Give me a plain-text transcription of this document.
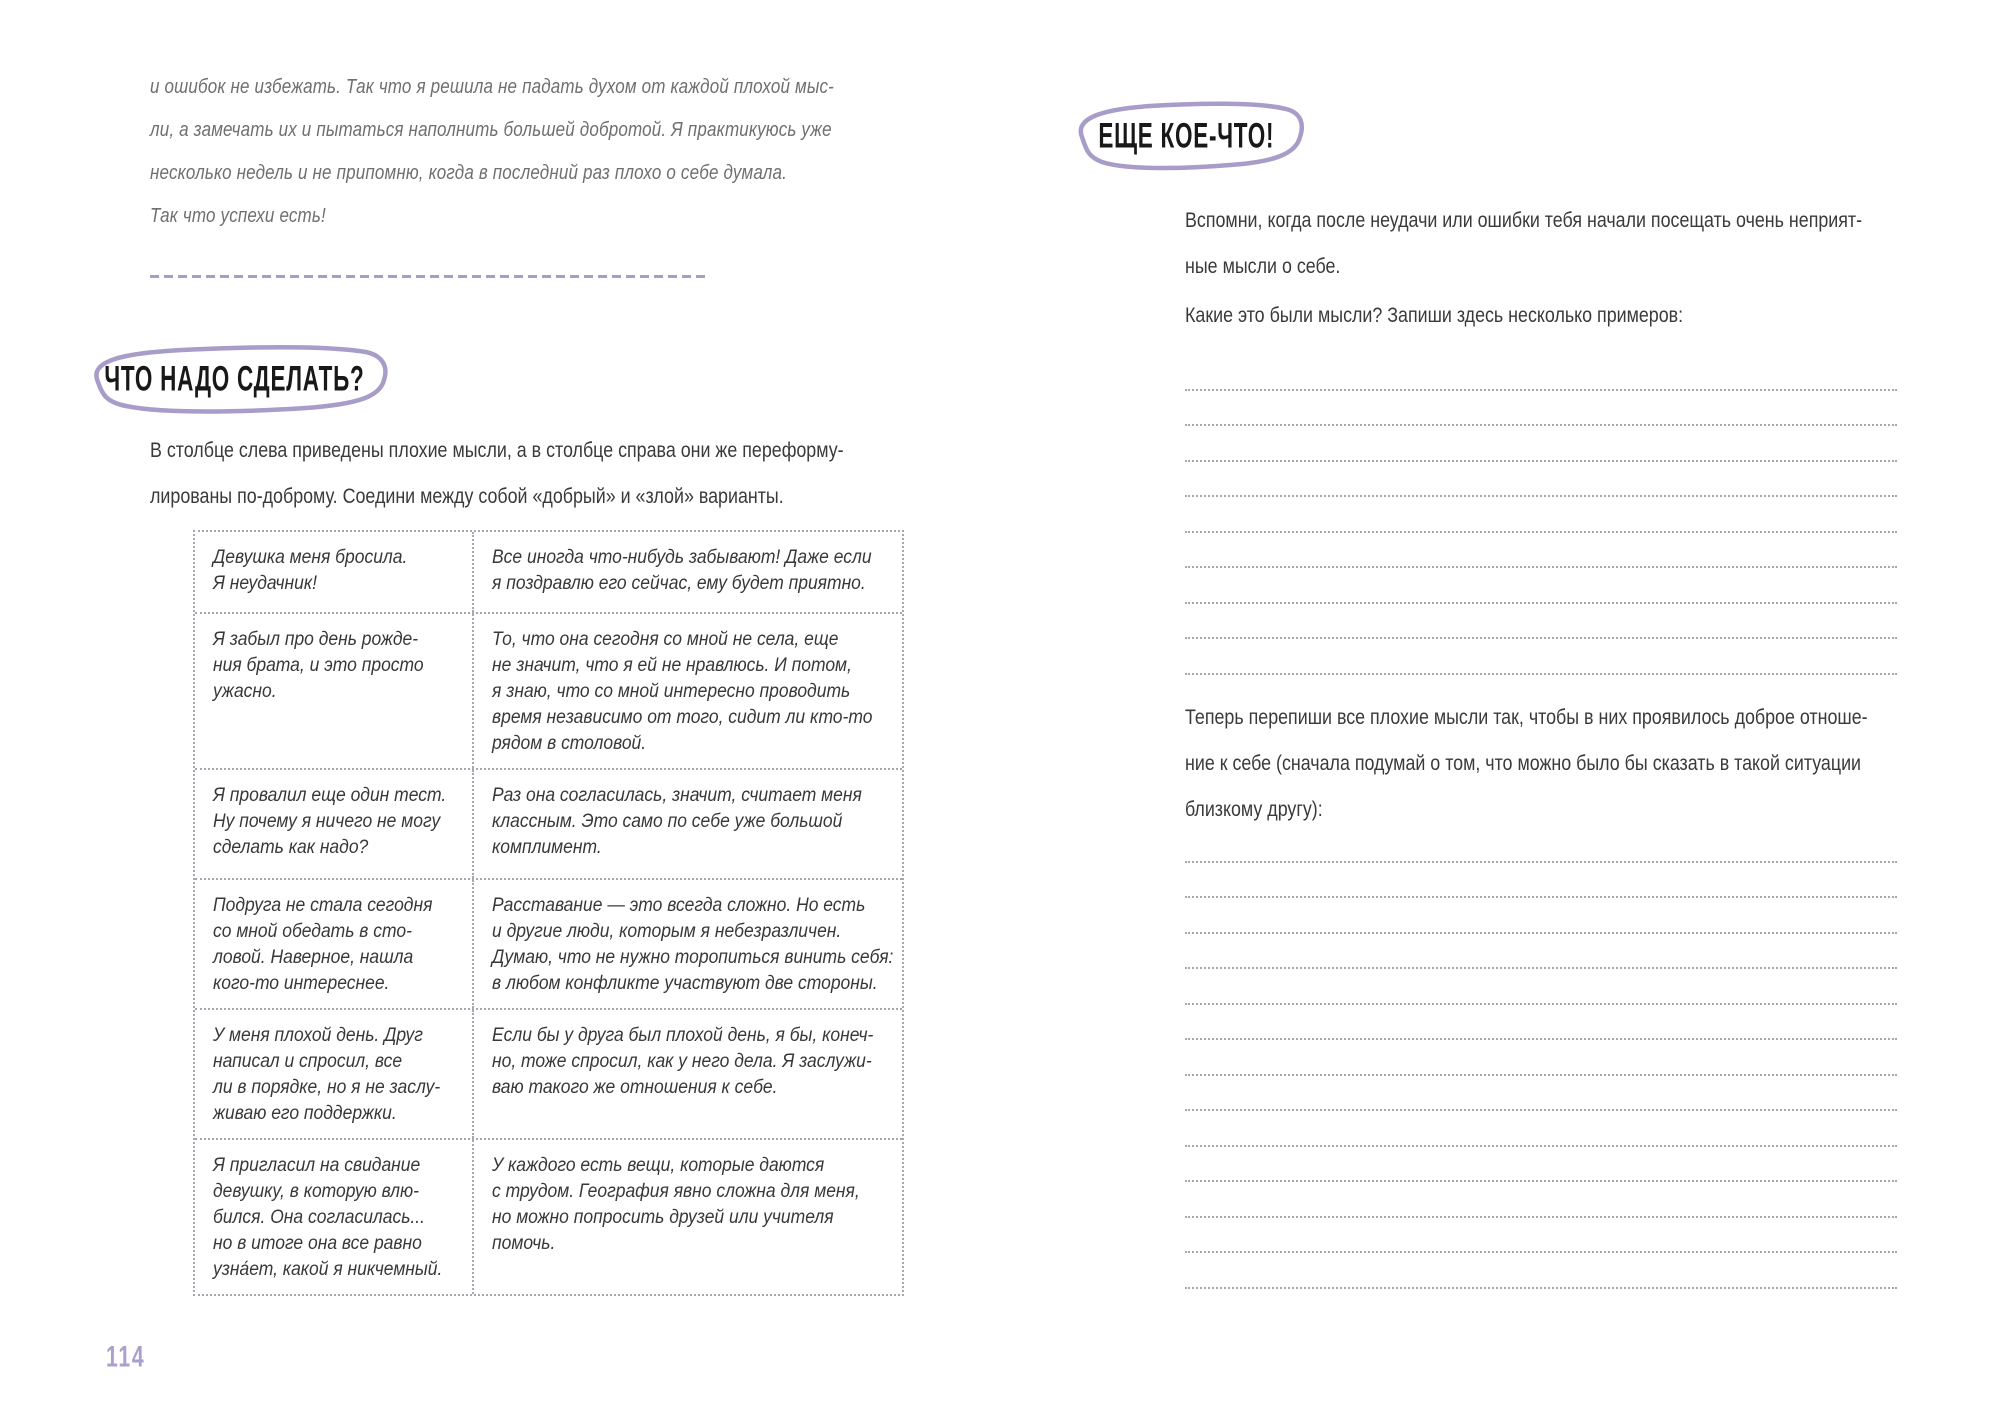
и ошибок не избежать. Так что я решила не падать духом от каждой плохой мыс-
ли, а замечать их и пытаться наполнить большей добротой. Я практикуюсь уже
несколько недель и не припомню, когда в последний раз плохо о себе думала.
Так что успехи есть!
ЧТО НАДО СДЕЛАТЬ?
В столбце слева приведены плохие мысли, а в столбце справа они же переформу-
лированы по-доброму. Соедини между собой «добрый» и «злой» варианты.
Девушка меня бросила.
Я неудачник!
Все иногда что-нибудь забывают! Даже если
я поздравлю его сейчас, ему будет приятно.
Я забыл про день рожде-
ния брата, и это просто
ужасно.
То, что она сегодня со мной не села, еще
не значит, что я ей не нравлюсь. И потом,
я знаю, что со мной интересно проводить
время независимо от того, сидит ли кто-то
рядом в столовой.
Я провалил еще один тест.
Ну почему я ничего не могу
сделать как надо?
Раз она согласилась, значит, считает меня
классным. Это само по себе уже большой
комплимент.
Подруга не стала сегодня
со мной обедать в сто-
ловой. Наверное, нашла
кого-то интереснее.
Расставание — это всегда сложно. Но есть
и другие люди, которым я небезразличен.
Думаю, что не нужно торопиться винить себя:
в любом конфликте участвуют две стороны.
У меня плохой день. Друг
написал и спросил, все
ли в порядке, но я не заслу-
живаю его поддержки.
Если бы у друга был плохой день, я бы, конеч-
но, тоже спросил, как у него дела. Я заслужи-
ваю такого же отношения к себе.
Я пригласил на свидание
девушку, в которую влю-
бился. Она согласилась...
но в итоге она все равно
узна́ет, какой я никчемный.
У каждого есть вещи, которые даются
с трудом. География явно сложна для меня,
но можно попросить друзей или учителя
помочь.
114
ЕЩЕ КОЕ-ЧТО!
Вспомни, когда после неудачи или ошибки тебя начали посещать очень неприят-
ные мысли о себе.
Какие это были мысли? Запиши здесь несколько примеров:
Теперь перепиши все плохие мысли так, чтобы в них проявилось доброе отноше-
ние к себе (сначала подумай о том, что можно было бы сказать в такой ситуации
близкому другу):
